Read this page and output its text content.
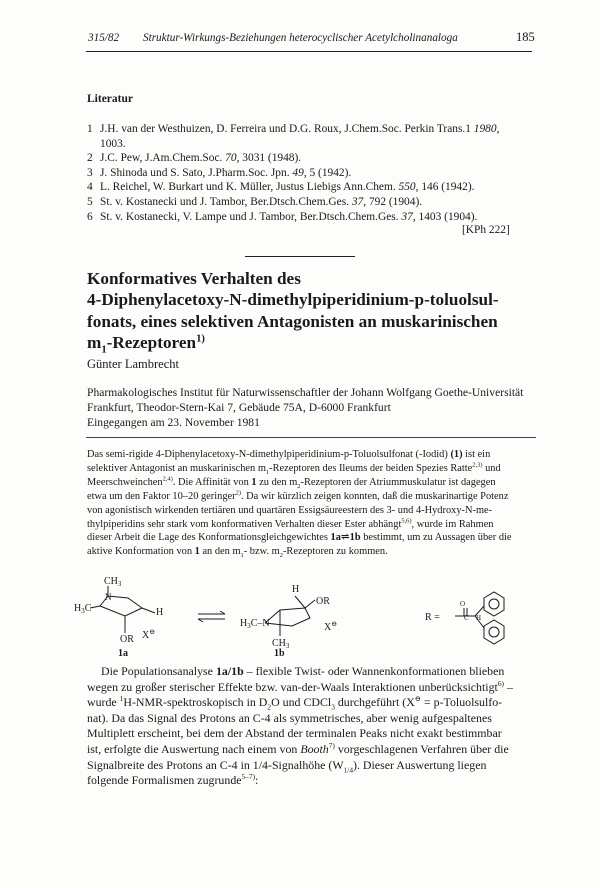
315/82 Struktur-Wirkungs-Beziehungen heterocyclischer Acetylcholinanaloga	185
Literatur
1 J.H. van der Westhuizen, D. Ferreira und D.G. Roux, J.Chem.Soc. Perkin Trans.1 1980,
1003.
2 J.C. Pew, J.Am.Chem.Soc. 70, 3031 (1948).
3 J. Shinoda und S. Sato, J.Pharm.Soc. Jpn. 49, 5 (1942).
4 L. Reichel, W. Burkart und K. Müller, Justus Liebigs Ann.Chem. 550, 146 (1942).
5 St. v. Kostanecki und J. Tambor, Ber.Dtsch.Chem.Ges. 37, 792 (1904).
6 St. v. Kostanecki, V. Lampe und J. Tambor, Ber.Dtsch.Chem.Ges. 37, 1403 (1904).
[KPh 222]
Konformatives Verhalten des
4-Diphenylacetoxy-N-dimethylpiperidinium-p-toluolsul-
fonats, eines selektiven Antagonisten an muskarinischen
$m_1-Rezeptoren^{1)}$
Günter Lambrecht
Pharmakologisches Institut für Naturwissenschaftler der Johann Wolfgang Goethe-Universität
Frankfurt, Theodor-Stern-Kai 7, Gebäude 75A, D-6000 Frankfurt
Eingegangen am 23. November 1981
Das semi-rigide 4-Diphenylacetoxy-N-dimethylpiperidinium-p-Toluolsulfonat (-Iodid) (1) ist ein
selektiver Antagonist an muskarinischen $m_1$-Rezeptoren des Ileums der beiden Spezies Ratte$^{2,3)}$ und
Meerschweinchen$^{2,4)}$. Die Affinität von 1 zu den $m_2$-Rezeptoren der Atriummuskulatur ist dagegen
etwa um den Faktor 10–20 geringer$^{2)}$. Da wir kürzlich zeigen konnten, daß die muskarinartige Potenz
von agonistisch wirkenden tertiären und quartären Essigsäureestern des 3- und 4-Hydroxy-N-me-
thylpiperidins sehr stark vom konformativen Verhalten dieser Ester abhängt$^{5,6)}$, wurde im Rahmen
dieser Arbeit die Lage des Konformationsgleichgewichtes 1a⇌1b bestimmt, um zu Aussagen über die
aktive Konformation von 1 an den $m_1-$ bzw. $m_2$-Rezeptoren zu kommen.
$CH_3$
$H_3C$
N
H
OR X⊖
1a
H
OR
$H_3C-N$
$CH_3$
X⊖
1b
R =
O
C H
Die Populationsanalyse 1a/1b – flexible Twist- oder Wannenkonformationen blieben
wegen zu großer sterischer Effekte bzw. van-der-Waals Interaktionen unberücksichtigt$^{6)}$ –
wurde $^1$H-NMR-spektroskopisch in $D_2O$ und CDCl$_3$ durchgeführt (X⊖ = p-Toluolsulfo-
nat). Da das Signal des Protons an C-4 als symmetrisches, aber wenig aufgespaltenes
Multiplett erscheint, bei dem der Abstand der terminalen Peaks nicht exakt bestimmbar
ist, erfolgte die Auswertung nach einem von Booth$^{7)}$ vorgeschlagenen Verfahren über die
Signalbreite des Protons an C-4 in 1/4-Signalhöhe $(W_{1/4})$. Dieser Auswertung liegen
folgende Formalismen zugrunde$^{5-7)}$:
